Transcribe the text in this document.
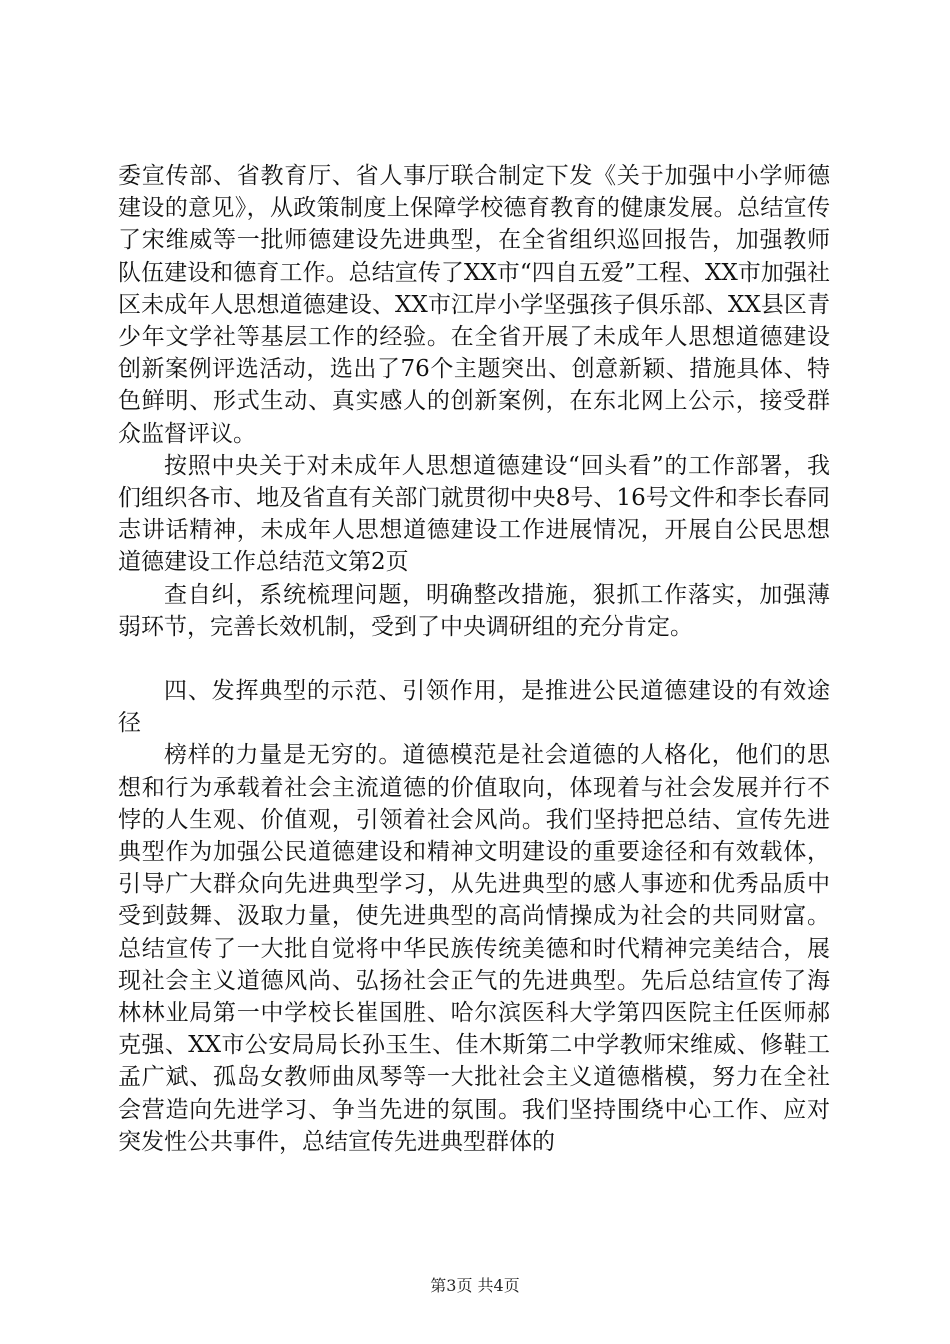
委宣传部、省教育厅、省人事厅联合制定下发《关于加强中小学师德建设的意见》，从政策制度上保障学校德育教育的健康发展。总结宣传了宋维威等一批师德建设先进典型，在全省组织巡回报告，加强教师队伍建设和德育工作。总结宣传了XX市“四自五爱”工程、XX市加强社区未成年人思想道德建设、XX市江岸小学坚强孩子俱乐部、XX县区青少年文学社等基层工作的经验。在全省开展了未成年人思想道德建设创新案例评选活动，选出了76个主题突出、创意新颖、措施具体、特色鲜明、形式生动、真实感人的创新案例，在东北网上公示，接受群众监督评议。

按照中央关于对未成年人思想道德建设“回头看”的工作部署，我们组织各市、地及省直有关部门就贯彻中央8号、16号文件和李长春同志讲话精神，未成年人思想道德建设工作进展情况，开展自公民思想道德建设工作总结范文第2页

查自纠，系统梳理问题，明确整改措施，狠抓工作落实，加强薄弱环节，完善长效机制，受到了中央调研组的充分肯定。

四、发挥典型的示范、引领作用，是推进公民道德建设的有效途径

榜样的力量是无穷的。道德模范是社会道德的人格化，他们的思想和行为承载着社会主流道德的价值取向，体现着与社会发展并行不悖的人生观、价值观，引领着社会风尚。我们坚持把总结、宣传先进典型作为加强公民道德建设和精神文明建设的重要途径和有效载体，引导广大群众向先进典型学习，从先进典型的感人事迹和优秀品质中受到鼓舞、汲取力量，使先进典型的高尚情操成为社会的共同财富。总结宣传了一大批自觉将中华民族传统美德和时代精神完美结合，展现社会主义道德风尚、弘扬社会正气的先进典型。先后总结宣传了海林林业局第一中学校长崔国胜、哈尔滨医科大学第四医院主任医师郝克强、XX市公安局局长孙玉生、佳木斯第二中学教师宋维威、修鞋工孟广斌、孤岛女教师曲凤琴等一大批社会主义道德楷模，努力在全社会营造向先进学习、争当先进的氛围。我们坚持围绕中心工作、应对突发性公共事件，总结宣传先进典型群体的

第3页 共4页
